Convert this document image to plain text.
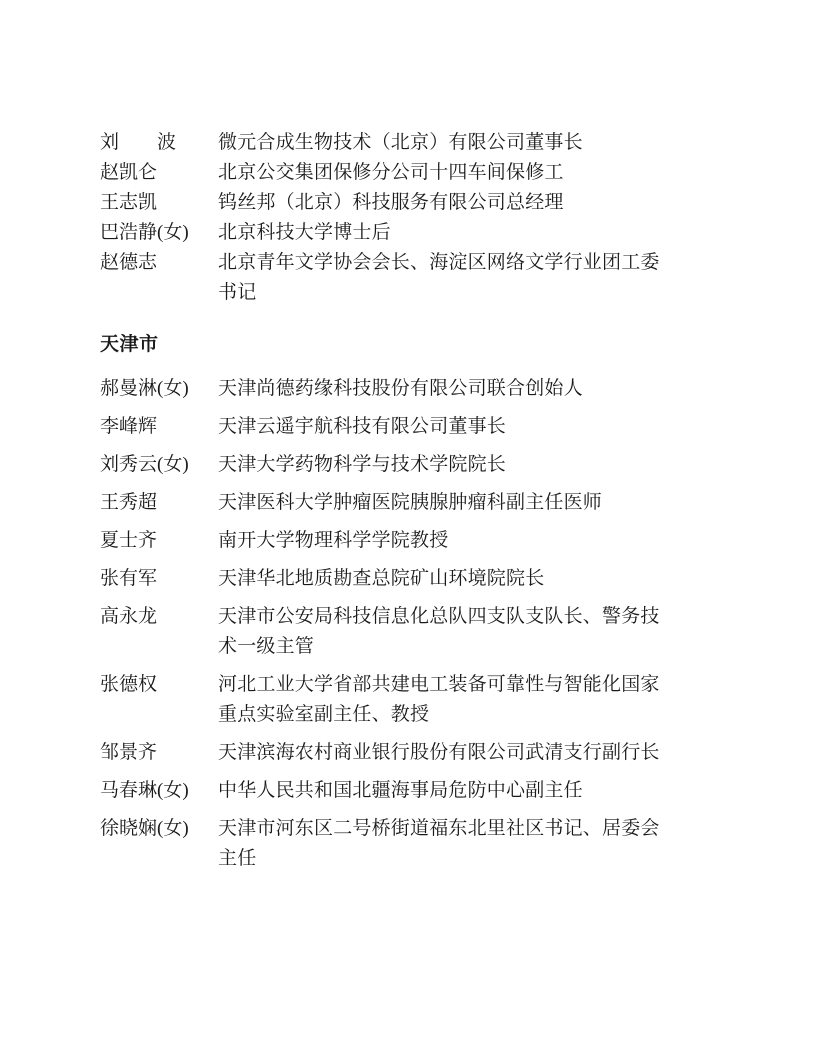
刘　　波	微元合成生物技术（北京）有限公司董事长
赵凯仑	北京公交集团保修分公司十四车间保修工
王志凯	钨丝邦（北京）科技服务有限公司总经理
巴浩静(女)	北京科技大学博士后
赵德志	北京青年文学协会会长、海淀区网络文学行业团工委书记
天津市
郝曼淋(女)	天津尚德药缘科技股份有限公司联合创始人
李峰辉	天津云遥宇航科技有限公司董事长
刘秀云(女)	天津大学药物科学与技术学院院长
王秀超	天津医科大学肿瘤医院胰腺肿瘤科副主任医师
夏士齐	南开大学物理科学学院教授
张有军	天津华北地质勘查总院矿山环境院院长
高永龙	天津市公安局科技信息化总队四支队支队长、警务技术一级主管
张德权	河北工业大学省部共建电工装备可靠性与智能化国家重点实验室副主任、教授
邹景齐	天津滨海农村商业银行股份有限公司武清支行副行长
马春琳(女)	中华人民共和国北疆海事局危防中心副主任
徐晓娴(女)	天津市河东区二号桥街道福东北里社区书记、居委会主任
